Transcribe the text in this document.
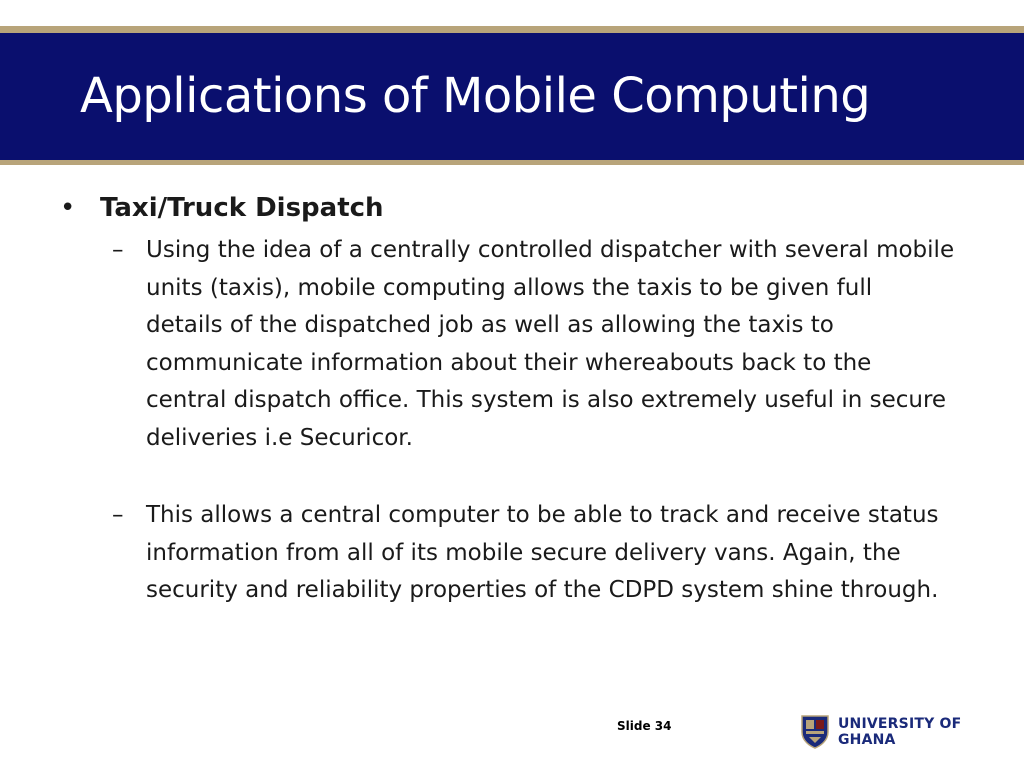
Applications of Mobile Computing
• Taxi/Truck Dispatch
– Using the idea of a centrally controlled dispatcher with several mobile units (taxis), mobile computing allows the taxis to be given full details of the dispatched job as well as allowing the taxis to communicate information about their whereabouts back to the central dispatch office. This system is also extremely useful in secure deliveries i.e Securicor.
– This allows a central computer to be able to track and receive status information from all of its mobile secure delivery vans. Again, the security and reliability properties of the CDPD system shine through.
Slide 34	UNIVERSITY OF GHANA
